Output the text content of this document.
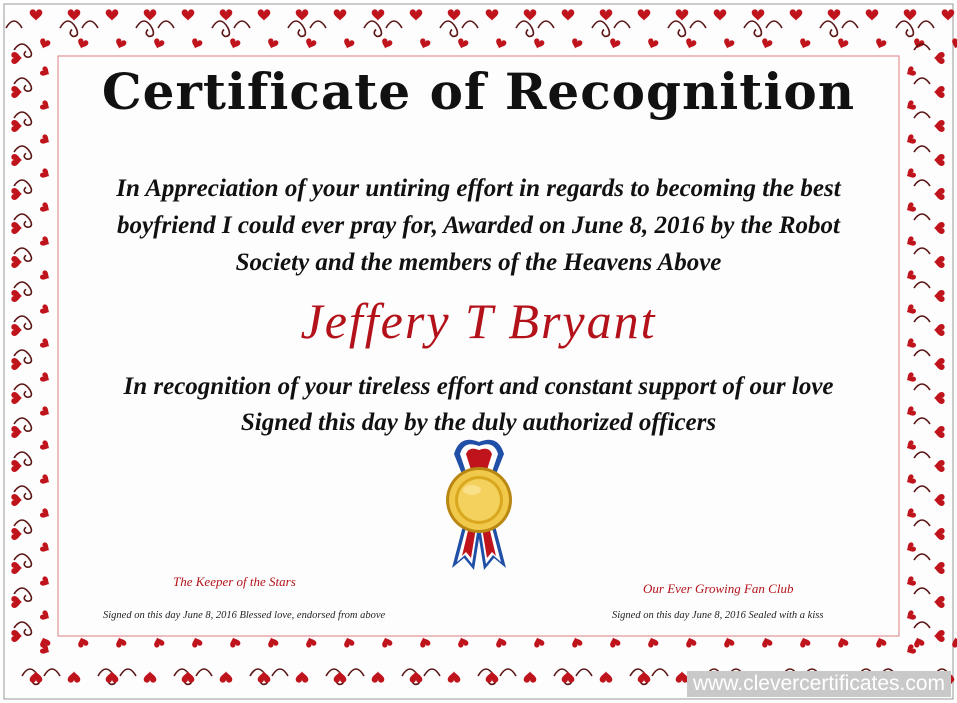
Certificate of Recognition
In Appreciation of your untiring effort in regards to becoming the best boyfriend I could ever pray for, Awarded on June 8, 2016 by the Robot Society and the members of the Heavens Above
Jeffery T Bryant
In recognition of your tireless effort and constant support of our love
Signed this day by the duly authorized officers
The Keeper of the Stars
Signed on this day June 8, 2016 Blessed love, endorsed from above
Our Ever Growing Fan Club
Signed on this day June 8, 2016 Sealed with a kiss
www.clevercertificates.com
